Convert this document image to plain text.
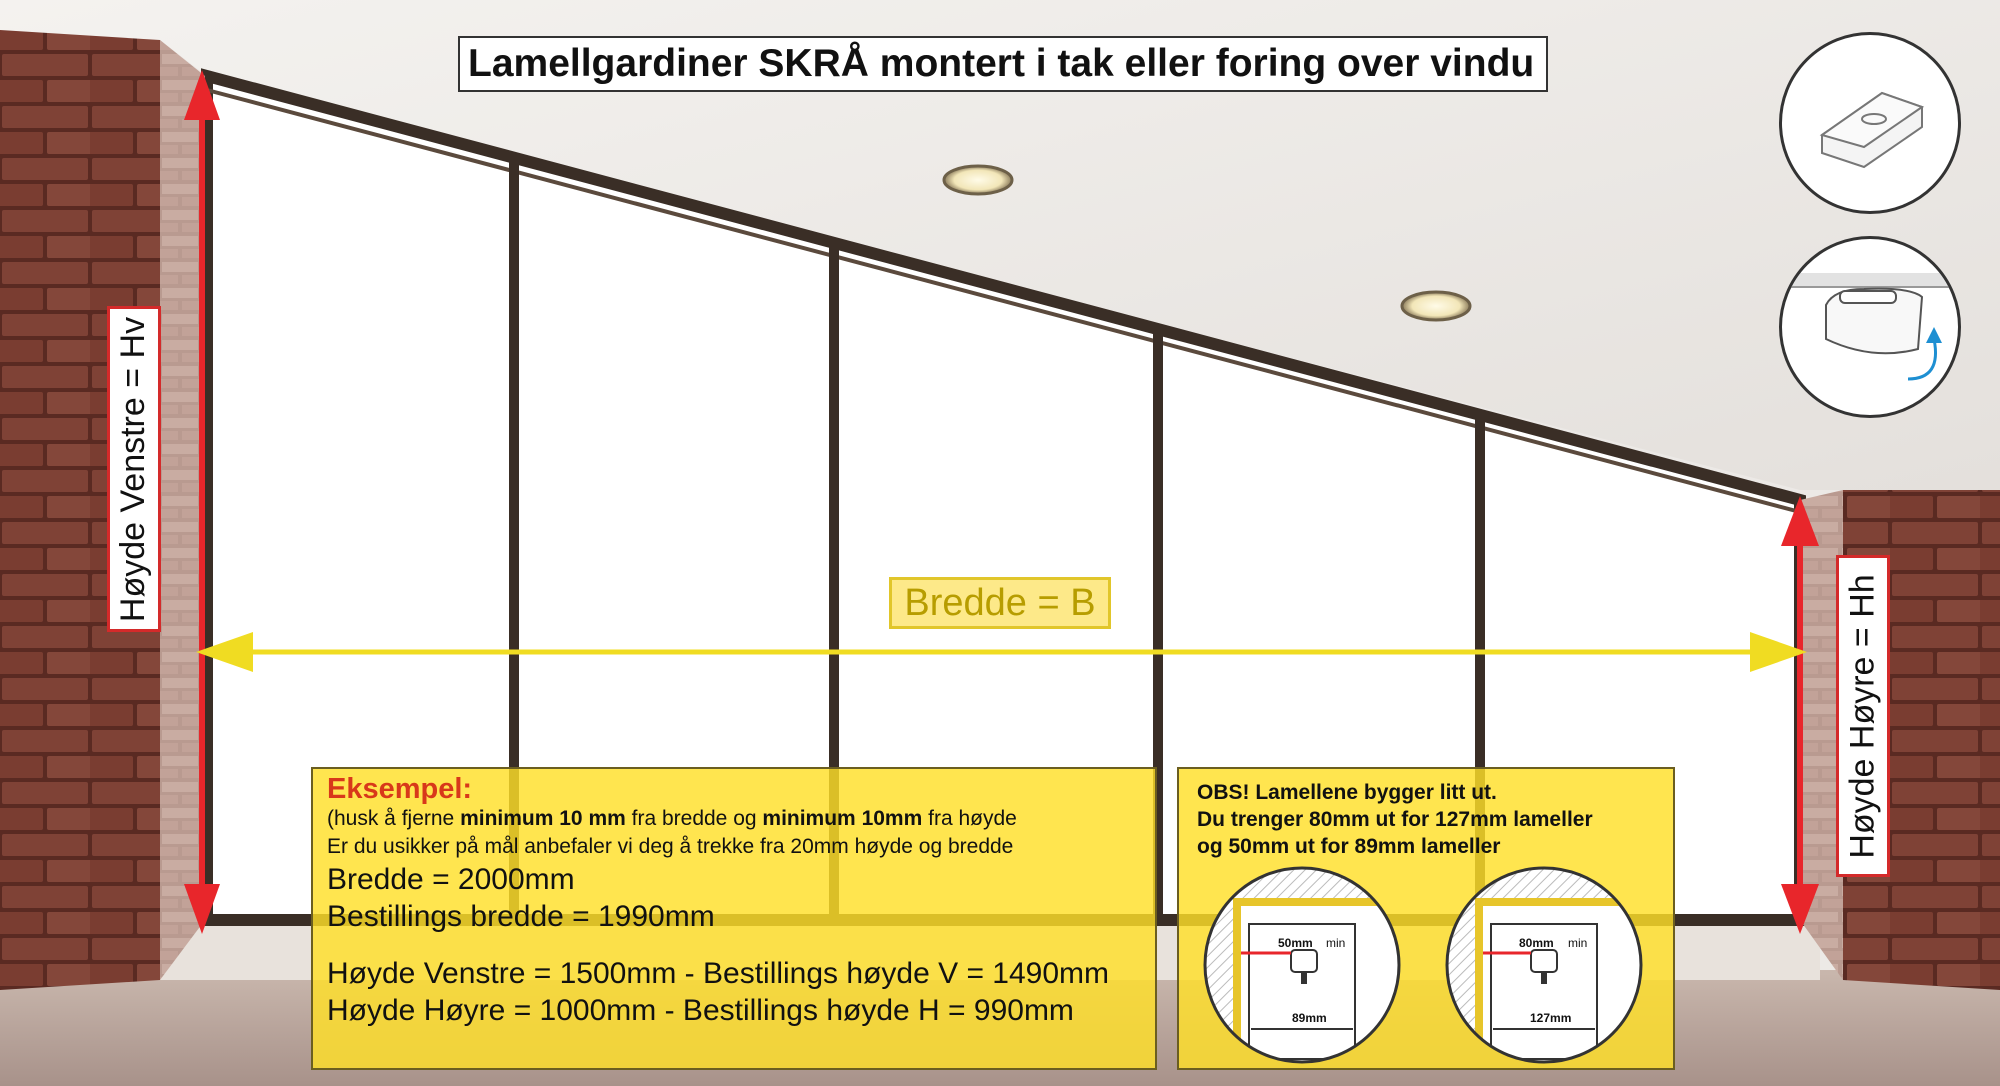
Lamellgardiner SKRÅ montert i tak eller foring over vindu
Høyde Venstre = Hv
Høyde Høyre = Hh
Bredde = B
Eksempel:
(husk å fjerne minimum 10 mm fra bredde og minimum 10mm fra høyde
Er du usikker på mål anbefaler vi deg å trekke fra 20mm høyde og bredde
Bredde = 2000mm
Bestillings bredde = 1990mm
Høyde Venstre = 1500mm - Bestillings høyde V = 1490mm
Høyde Høyre = 1000mm - Bestillings høyde H = 990mm
50mm min
89mm
80mm min
127mm
OBS! Lamellene bygger litt ut.
Du trenger 80mm ut for 127mm lameller
og 50mm ut for 89mm lameller
